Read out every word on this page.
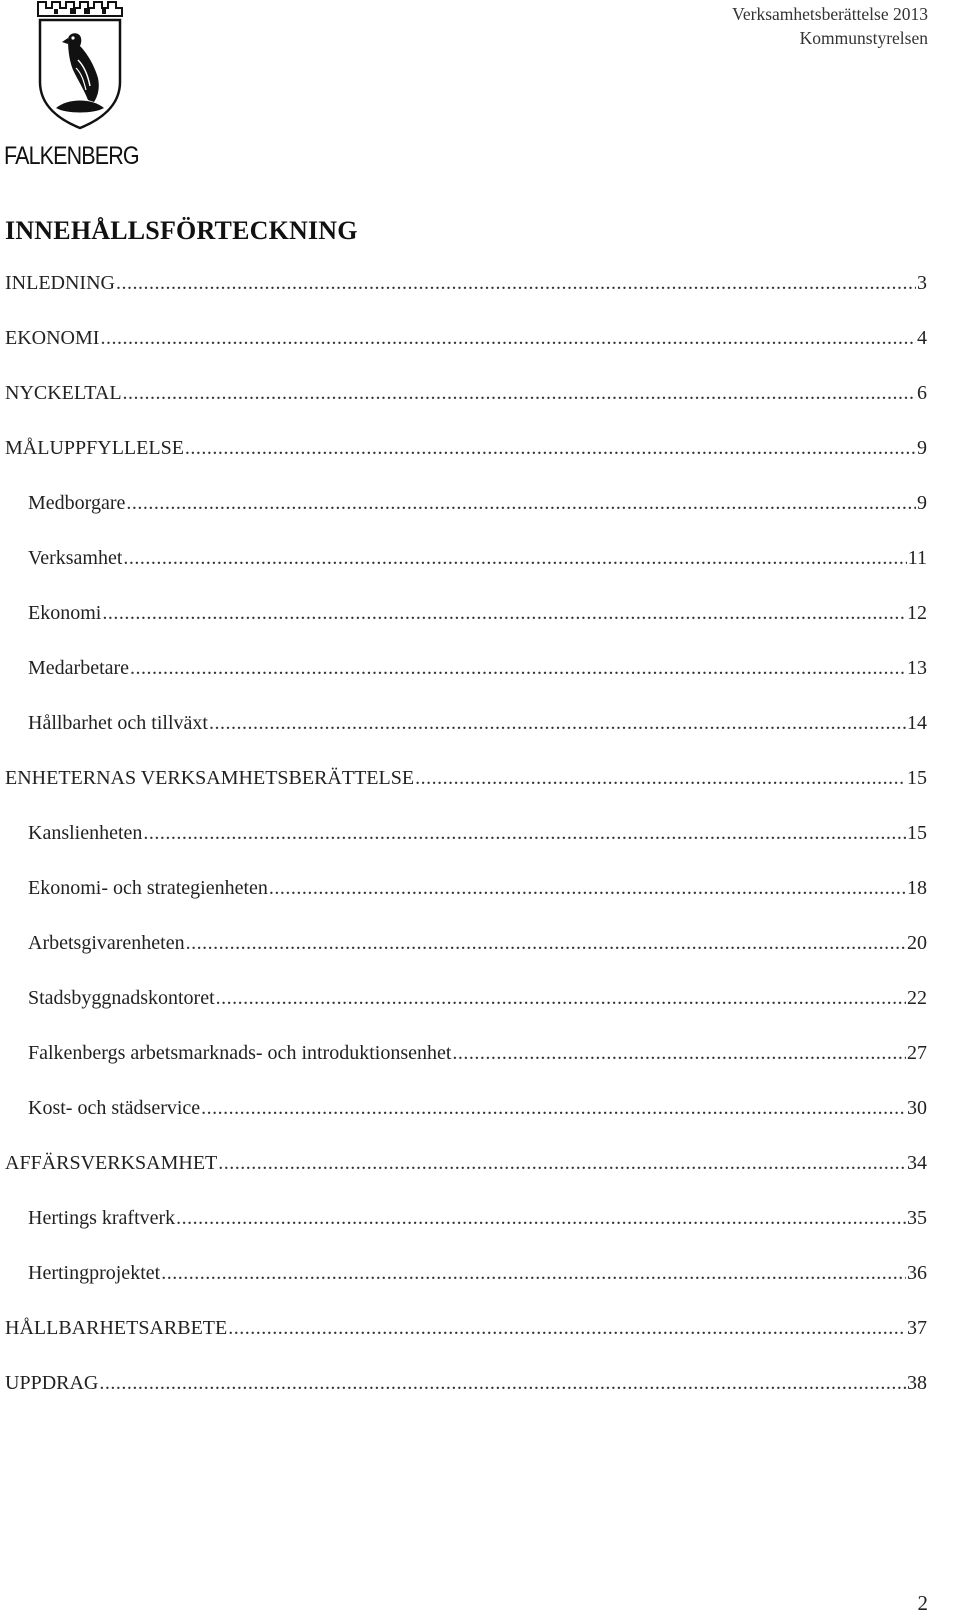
FALKENBERG
Verksamhetsberättelse 2013
Kommunstyrelsen
INNEHÅLLSFÖRTECKNING
INLEDNING .....	3
EKONOMI .....	4
NYCKELTAL .....	6
MÅLUPPFYLLELSE .....	9
Medborgare .....	9
Verksamhet .....	11
Ekonomi .....	12
Medarbetare .....	13
Hållbarhet och tillväxt .....	14
ENHETERNAS VERKSAMHETSBERÄTTELSE .....	15
Kanslienheten .....	15
Ekonomi- och strategienheten .....	18
Arbetsgivarenheten .....	20
Stadsbyggnadskontoret .....	22
Falkenbergs arbetsmarknads- och introduktionsenhet .....	27
Kost- och städservice .....	30
AFFÄRSVERKSAMHET .....	34
Hertings kraftverk .....	35
Hertingprojektet .....	36
HÅLLBARHETSARBETE .....	37
UPPDRAG .....	38
2
